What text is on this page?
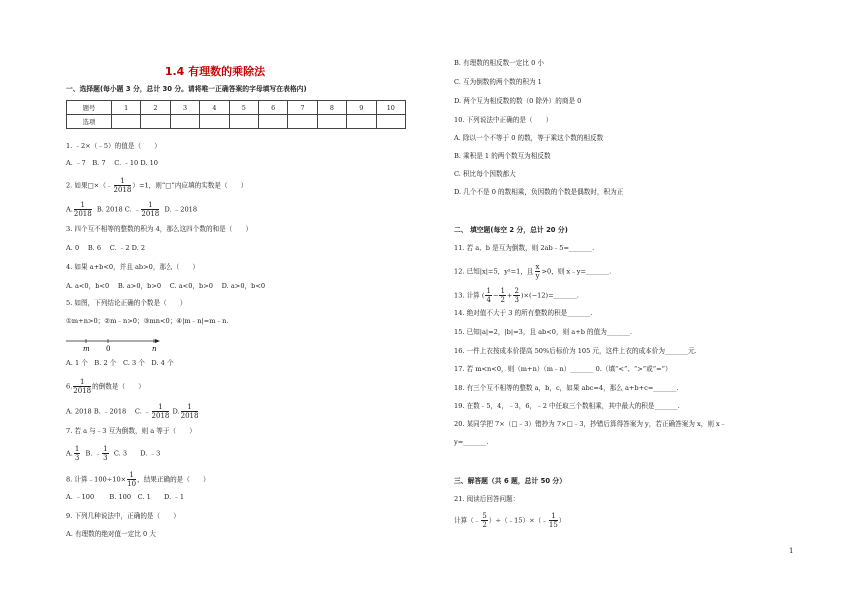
1.4 有理数的乘除法
一、选择题(每小题 3 分，总计 30 分。请将唯一正确答案的字母填写在表格内)
题号	1	2	3	4	5	6	7	8	9	10
选项										
1. ﹣2×（﹣5）的值是（　　）
A. ﹣7　B. 7　 C. ﹣10 D. 10
2. 如果□×（﹣ $\frac{1}{2018} )=1$，则“□”内应填的实数是（　　）
A. $\frac{1}{2018} B$. 2018 C. ﹣ $\frac{1}{2018} D$. ﹣2018
3. 四个互不相等的整数的积为 4，那么这四个数的和是（　　）
A. 0　 B. 6　 C. ﹣2 D. 2
4. 如果 a+b<0，并且 ab>0，那么（　　）
A. a<0，b<0　 B. a>0，b>0　 C. a<0，b>0　 D. a>0，b<0
5. 如图，下列结论正确的个数是（　　）
①m+n>0；②m﹣n>0；③mn<0；④|m﹣n|=m﹣n.
m 0	n
A. 1 个　B. 2 个　C. 3 个　D. 4 个
6. $\frac{1}{2018}$ 的倒数是（　　）
A. 2018 B. ﹣2018　 C. ﹣ $\frac{1}{2018} D$. $\frac{1}{2018}$
7. 若 a 与﹣3 互为倒数，则 a 等于（　　）
A. $\frac{1}{3} B$. ﹣ $\frac{1}{3} C$. 3　　D. ﹣3
8. 计算﹣100÷10× $\frac{1}{10}$ ，结果正确的是（　　）
A. ﹣100　　 B. 100　C. 1　　D. ﹣1
9. 下列几种说法中，正确的是（　　）
A. 有理数的绝对值一定比 0 大
B. 有理数的相反数一定比 0 小
C. 互为倒数的两个数的积为 1
D. 两个互为相反数的数（0 除外）的商是 0
10. 下列说法中正确的是（　　）
A. 除以一个不等于 0 的数，等于乘这个数的相反数
B. 乘积是 1 的两个数互为相反数
C. 积比每个因数都大
D. 几个不是 0 的数相乘，负因数的个数是偶数时，积为正
二、 填空题(每空 2 分，总计 20 分)
11. 若 a、b 是互为倒数，则 2ab﹣5=_______.
12. 已知|x|=5，y²=1，且 $\frac{x}{y} >0$，则 x﹣y=_______.
13. 计算 ( $\frac{1}{4} - \frac{1}{2} + \frac{2}{3}$ )×(−12)=_______.
14. 绝对值不大于 3 的所有整数的积是_______.
15. 已知|a|=2，|b|=3，且 ab<0，则 a+b 的值为_______.
16. 一件上衣按成本价提高 50%后标价为 105 元，这件上衣的成本价为_______元.
17. 若 m<n<0，则（m+n）（m﹣n）_______ 0.（填“<”、“>”或“=”）
18. 有三个互不相等的整数 a，b，c，如果 abc=4，那么 a+b+c=_______.
19. 在数﹣5，4，﹣3，6，﹣2 中任取三个数相乘，其中最大的积是_______.
20. 某同学把 7×（□﹣3）错抄为 7×□﹣3，抄错后算得答案为 y，若正确答案为 x，则 x﹣
y=_______.
三、解答题（共 6 题，总计 50 分）
21. 阅读后回答问题：
计算（﹣ $\frac{5}{2}$ ）÷（﹣15）×（﹣ $\frac{1}{15}$ ）
1
